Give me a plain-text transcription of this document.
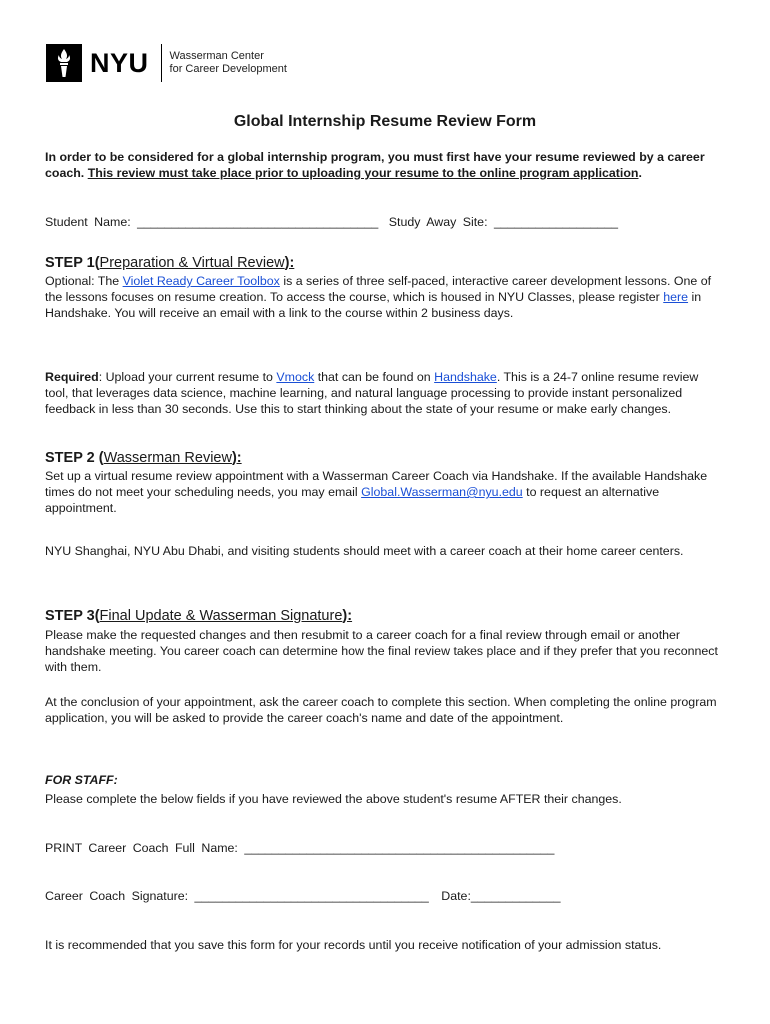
NYU Wasserman Center
for Career Development
Global Internship Resume Review Form
In order to be considered for a global internship program, you must first have your resume reviewed by a career coach. This review must take place prior to uploading your resume to the online program application.
Student Name: ___________________________________ Study Away Site: __________________
STEP 1(Preparation & Virtual Review):
Optional: The Violet Ready Career Toolbox is a series of three self-paced, interactive career development lessons. One of the lessons focuses on resume creation. To access the course, which is housed in NYU Classes, please register here in Handshake. You will receive an email with a link to the course within 2 business days.
Required: Upload your current resume to Vmock that can be found on Handshake. This is a 24-7 online resume review tool, that leverages data science, machine learning, and natural language processing to provide instant personalized feedback in less than 30 seconds. Use this to start thinking about the state of your resume or make early changes.
STEP 2 (Wasserman Review):
Set up a virtual resume review appointment with a Wasserman Career Coach via Handshake. If the available Handshake times do not meet your scheduling needs, you may email Global.Wasserman@nyu.edu to request an alternative appointment.
NYU Shanghai, NYU Abu Dhabi, and visiting students should meet with a career coach at their home career centers.
STEP 3(Final Update & Wasserman Signature):
Please make the requested changes and then resubmit to a career coach for a final review through email or another handshake meeting. You career coach can determine how the final review takes place and if they prefer that you reconnect with them.
At the conclusion of your appointment, ask the career coach to complete this section. When completing the online program application, you will be asked to provide the career coach's name and date of the appointment.
FOR STAFF:
Please complete the below fields if you have reviewed the above student's resume AFTER their changes.
PRINT Career Coach Full Name: _____________________________________________
Career Coach Signature: __________________________________ Date:_____________
It is recommended that you save this form for your records until you receive notification of your admission status.
